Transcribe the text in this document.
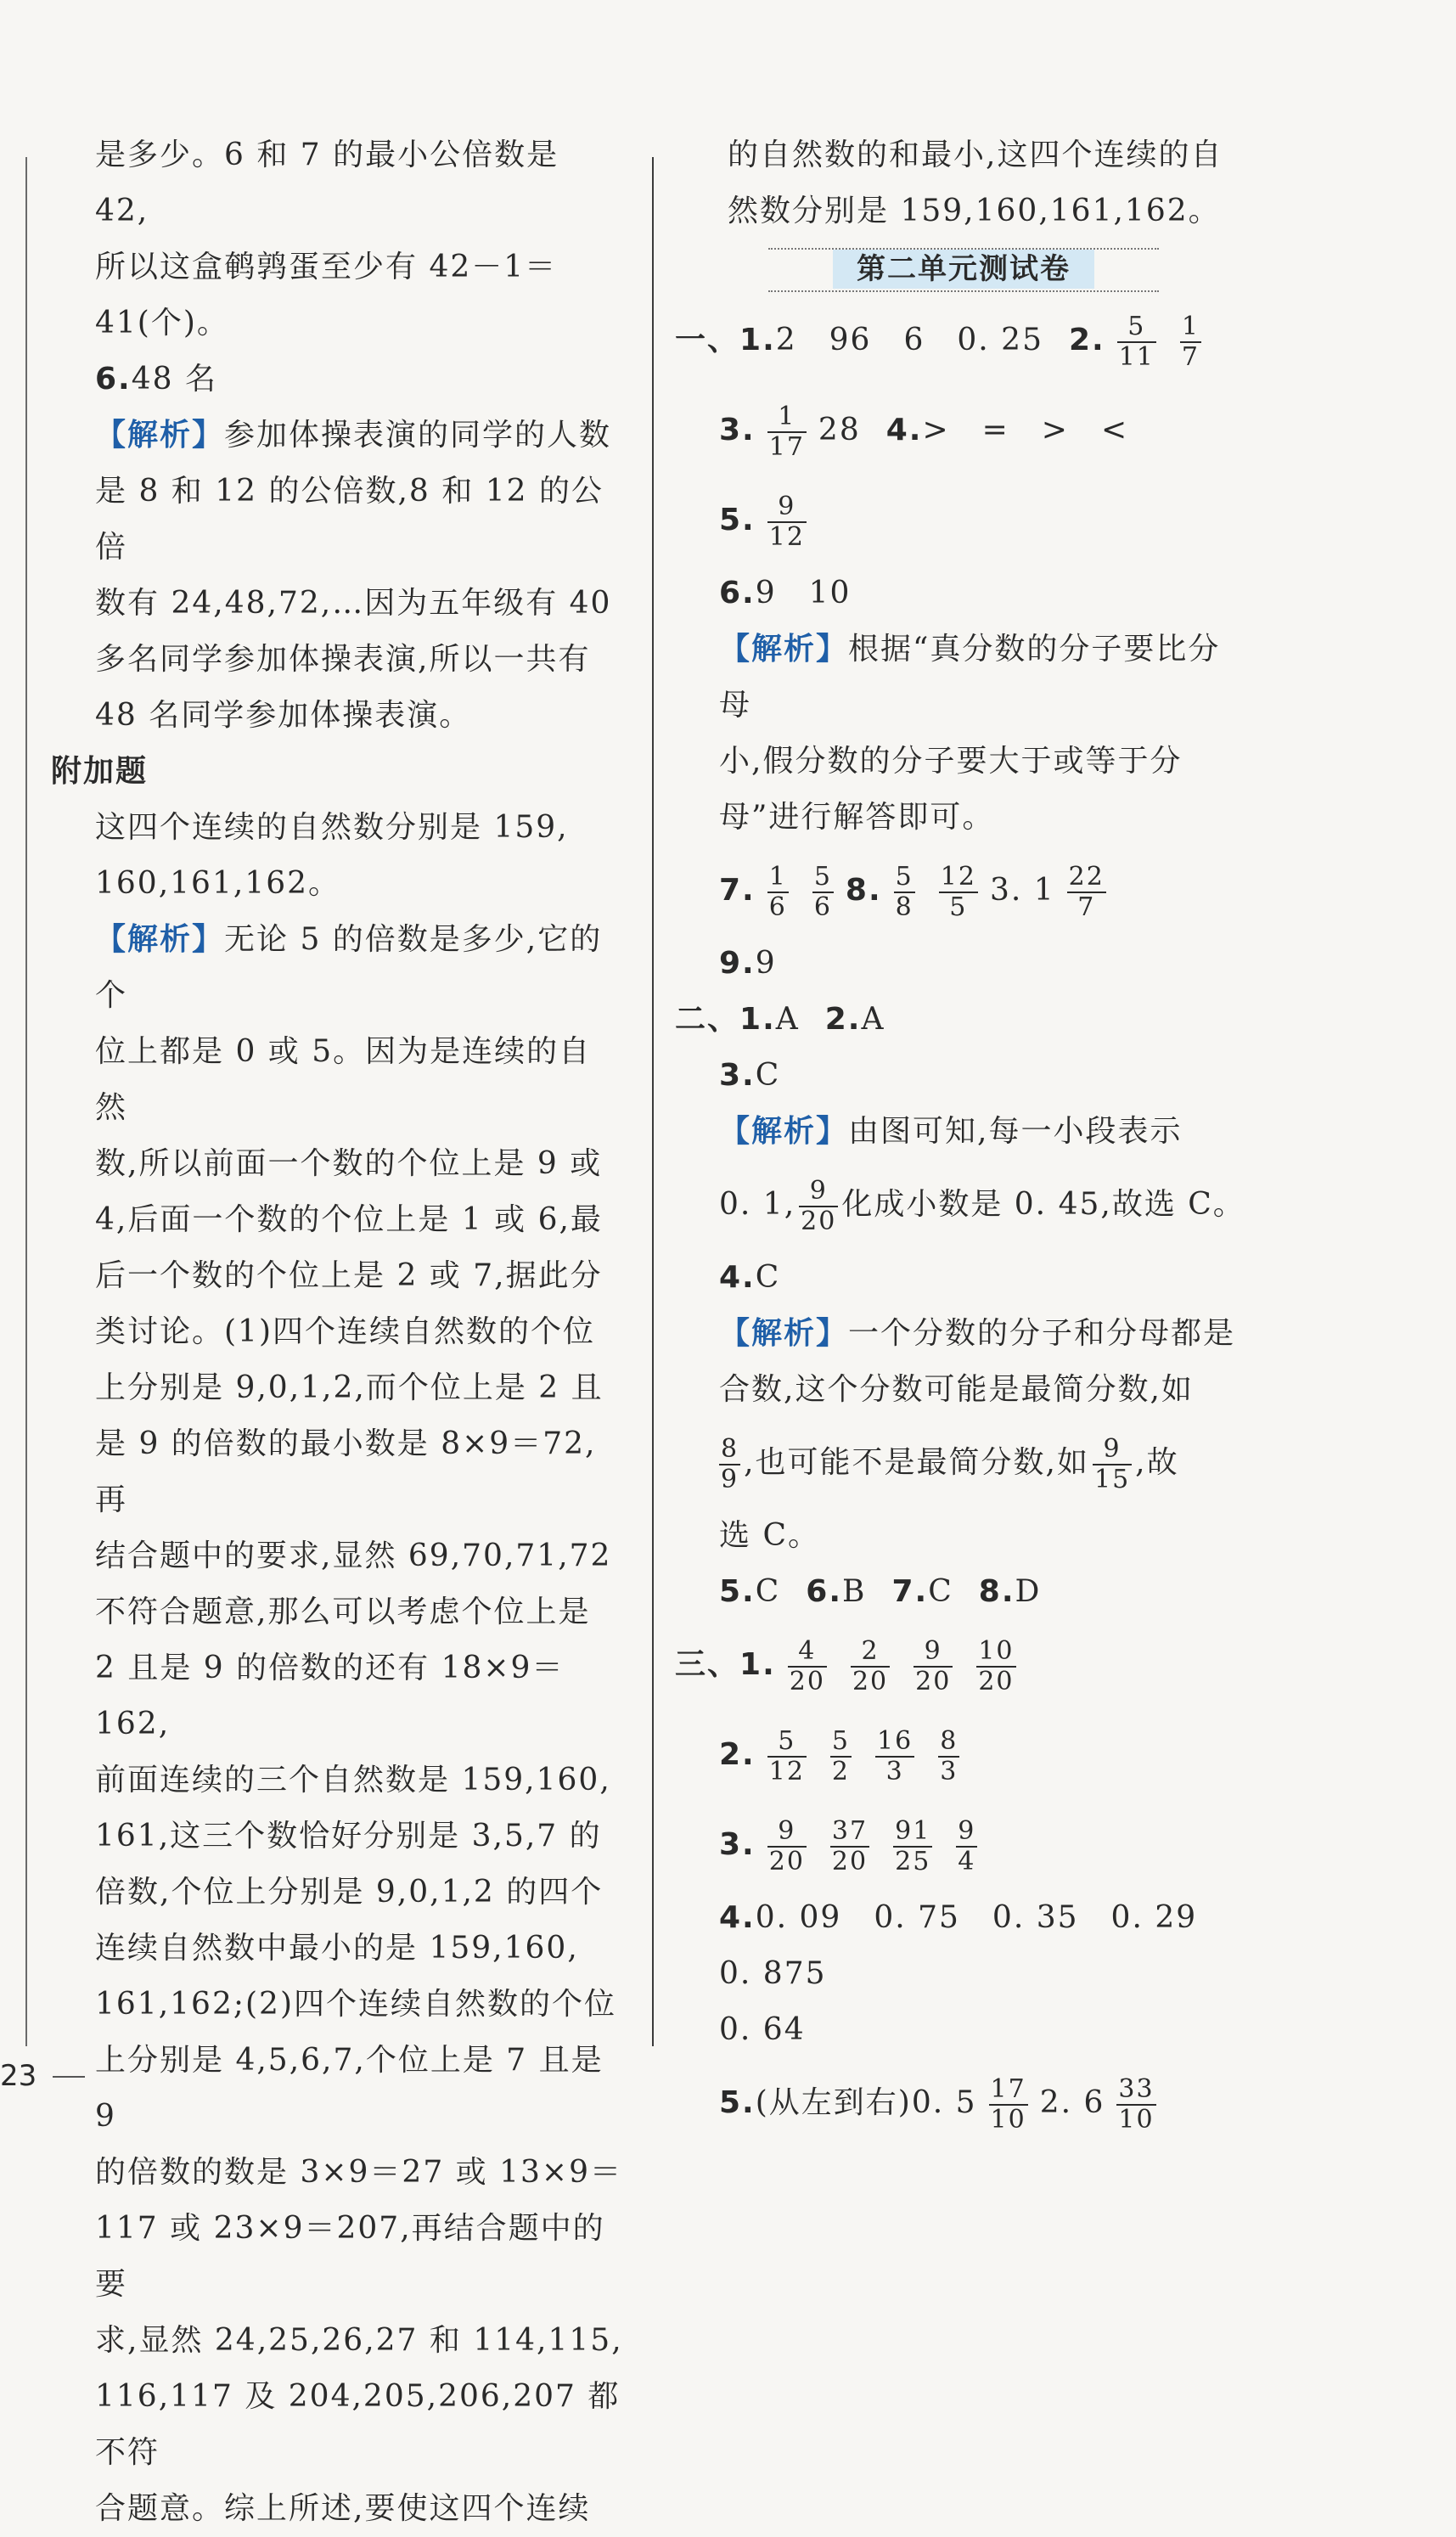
是多少。6 和 7 的最小公倍数是 42,
所以这盒鹌鹑蛋至少有 42－1＝
41(个)。
6.48 名
【解析】参加体操表演的同学的人数
是 8 和 12 的公倍数,8 和 12 的公倍
数有 24,48,72,…因为五年级有 40
多名同学参加体操表演,所以一共有
48 名同学参加体操表演。
附加题
这四个连续的自然数分别是 159,
160,161,162。
【解析】无论 5 的倍数是多少,它的个
位上都是 0 或 5。因为是连续的自然
数,所以前面一个数的个位上是 9 或
4,后面一个数的个位上是 1 或 6,最
后一个数的个位上是 2 或 7,据此分
类讨论。(1)四个连续自然数的个位
上分别是 9,0,1,2,而个位上是 2 且
是 9 的倍数的最小数是 8×9＝72,再
结合题中的要求,显然 69,70,71,72
不符合题意,那么可以考虑个位上是
2 且是 9 的倍数的还有 18×9＝162,
前面连续的三个自然数是 159,160,
161,这三个数恰好分别是 3,5,7 的
倍数,个位上分别是 9,0,1,2 的四个
连续自然数中最小的是 159,160,
161,162;(2)四个连续自然数的个位
上分别是 4,5,6,7,个位上是 7 且是 9
的倍数的数是 3×9＝27 或 13×9＝
117 或 23×9＝207,再结合题中的要
求,显然 24,25,26,27 和 114,115,
116,117 及 204,205,206,207 都不符
合题意。综上所述,要使这四个连续
的自然数的和最小,这四个连续的自
然数分别是 159,160,161,162。
第二单元测试卷
一、1.2　96　6　0. 25 2. $\frac{5}{11} \frac{1}{7}$
3. $\frac{1}{17} 28$ 4.>　=　>　<
5. $\frac{9}{12}$
6.9　10
【解析】根据“真分数的分子要比分母
小,假分数的分子要大于或等于分
母”进行解答即可。
7. $\frac{1}{6} \frac{5}{6} 8$. $\frac{5}{8} \frac{12}{5} 3$. $1 \frac{22}{7}$
9.9
二、1.A 2.A
3.C
【解析】由图可知,每一小段表示
0. 1, $\frac{9}{20}$ 化成小数是 0. 45,故选 C。
4.C
【解析】一个分数的分子和分母都是
合数,这个分数可能是最简分数,如
$\frac{8}{9}$ ,也可能不是最简分数,如 $\frac{9}{15}$ ,故
选 C。
5.C 6.B 7.C 8.D
三、1. $\frac{4}{20} \frac{2}{20} \frac{9}{20} \frac{10}{20}$
2. $\frac{5}{12} \frac{5}{2} \frac{16}{3} \frac{8}{3}$
3. $\frac{9}{20} \frac{37}{20} \frac{91}{25} \frac{9}{4}$
4.0. 09　0. 75　0. 35　0. 29　0. 875
0. 64
5.(从左到右)0. $5 \frac{17}{10} 2$. $6 \frac{33}{10}$
23
